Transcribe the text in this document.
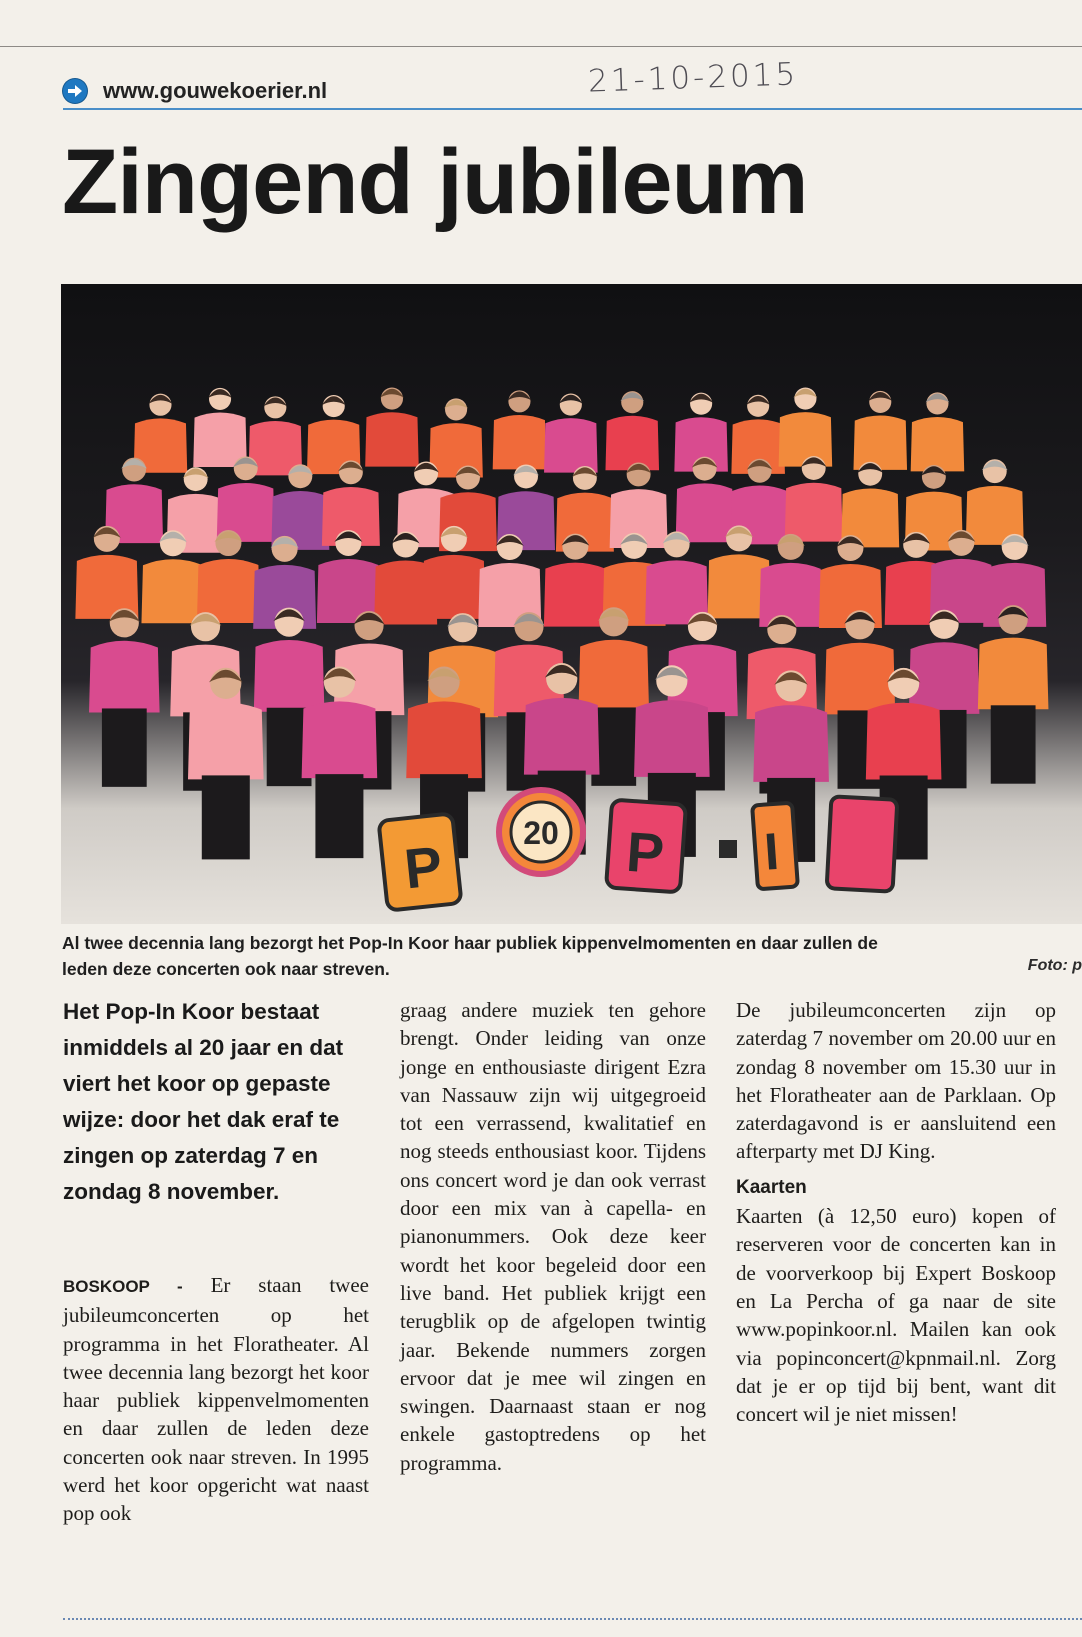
www.gouwekoerier.nl	21-10-2015
Zingend jubileum
P
20 P I
Al twee decennia lang bezorgt het Pop-In Koor haar publiek kippenvelmomenten en daar zullen de
leden deze concerten ook naar streven.	Foto: p
Het Pop-In Koor bestaat inmiddels al 20 jaar en dat viert het koor op gepaste wijze: door het dak eraf te zingen op zaterdag 7 en zondag 8 november.

BOSKOOP - Er staan twee jubileumconcerten op het programma in het Floratheater. Al twee decennia lang bezorgt het koor haar publiek kippenvelmomenten en daar zullen de leden deze concerten ook naar streven. In 1995 werd het koor opgericht wat naast pop ook

graag andere muziek ten gehore brengt. Onder leiding van onze jonge en enthousiaste dirigent Ezra van Nassauw zijn wij uitgegroeid tot een verrassend, kwalitatief en nog steeds enthousiast koor. Tijdens ons concert word je dan ook verrast door een mix van à capella- en pianonummers. Ook deze keer wordt het koor begeleid door een live band. Het publiek krijgt een terugblik op de afgelopen twintig jaar. Bekende nummers zorgen ervoor dat je mee wil zingen en swingen. Daarnaast staan er nog enkele gastoptredens op het programma.

De jubileumconcerten zijn op zaterdag 7 november om 20.00 uur en zondag 8 november om 15.30 uur in het Floratheater aan de Parklaan. Op zaterdagavond is er aansluitend een afterparty met DJ King.

Kaarten

Kaarten (à 12,50 euro) kopen of reserveren voor de concerten kan in de voorverkoop bij Expert Boskoop en La Percha of ga naar de site www.popinkoor.nl. Mailen kan ook via popinconcert@kpnmail.nl. Zorg dat je er op tijd bij bent, want dit concert wil je niet missen!
